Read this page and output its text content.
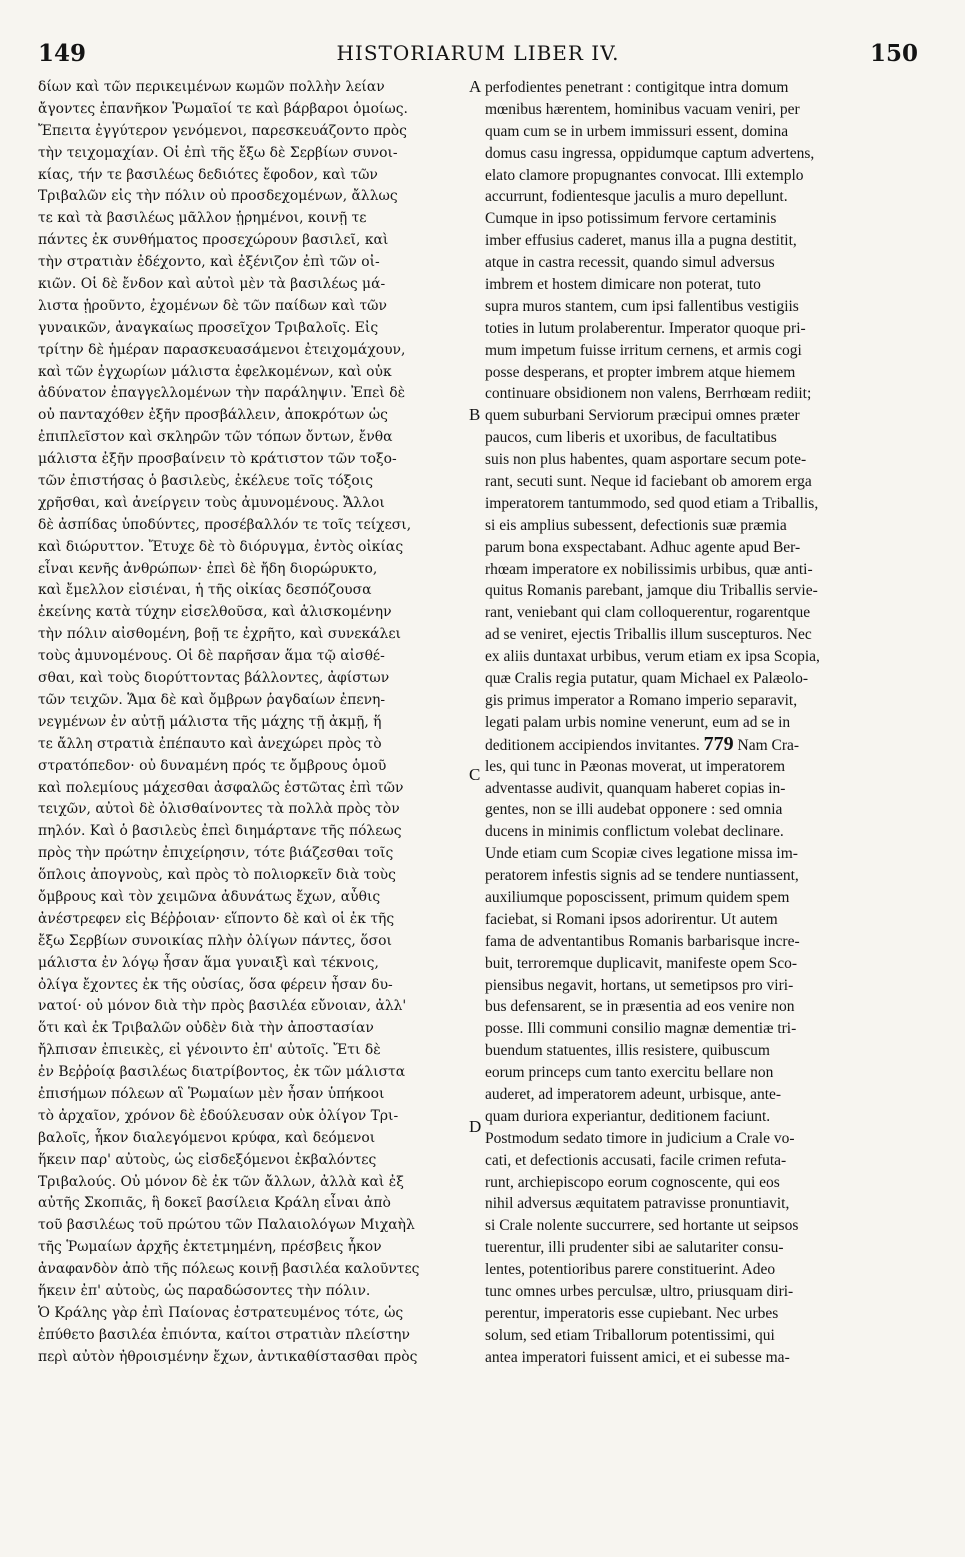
149	HISTORIARUM LIBER IV.	150
δίων καὶ τῶν περικειμένων κωμῶν πολλὴν λείαν
ἄγοντες ἐπανῆκον Ῥωμαῖοί τε καὶ βάρβαροι ὁμοίως.
Ἔπειτα ἐγγύτερον γενόμενοι, παρεσκευάζοντο πρὸς
τὴν τειχομαχίαν. Οἱ ἐπὶ τῆς ἔξω δὲ Σερβίων συνοι-
κίας, τήν τε βασιλέως δεδιότες ἔφοδον, καὶ τῶν
Τριβαλῶν εἰς τὴν πόλιν οὐ προσδεχομένων, ἄλλως
τε καὶ τὰ βασιλέως μᾶλλον ᾑρημένοι, κοινῇ τε
πάντες ἐκ συνθήματος προσεχώρουν βασιλεῖ, καὶ
τὴν στρατιὰν ἐδέχοντο, καὶ ἐξένιζον ἐπὶ τῶν οἰ-
κιῶν. Οἱ δὲ ἔνδον καὶ αὐτοὶ μὲν τὰ βασιλέως μά-
λιστα ᾑροῦντο, ἐχομένων δὲ τῶν παίδων καὶ τῶν
γυναικῶν, ἀναγκαίως προσεῖχον Τριβαλοῖς. Εἰς
τρίτην δὲ ἡμέραν παρασκευασάμενοι ἐτειχομάχουν,
καὶ τῶν ἐγχωρίων μάλιστα ἐφελκομένων, καὶ οὐκ
ἀδύνατον ἐπαγγελλομένων τὴν παράληψιν. Ἐπεὶ δὲ
οὐ πανταχόθεν ἐξῆν προσβάλλειν, ἀποκρότων ὡς
ἐπιπλεῖστον καὶ σκληρῶν τῶν τόπων ὄντων, ἔνθα
μάλιστα ἐξῆν προσβαίνειν τὸ κράτιστον τῶν τοξο-
τῶν ἐπιστήσας ὁ βασιλεὺς, ἐκέλευε τοῖς τόξοις
χρῆσθαι, καὶ ἀνείργειν τοὺς ἀμυνομένους. Ἄλλοι
δὲ ἀσπίδας ὑποδύντες, προσέβαλλόν τε τοῖς τείχεσι,
καὶ διώρυττον. Ἔτυχε δὲ τὸ διόρυγμα, ἐντὸς οἰκίας
εἶναι κενῆς ἀνθρώπων· ἐπεὶ δὲ ἤδη διορώρυκτο,
καὶ ἔμελλον εἰσιέναι, ἡ τῆς οἰκίας δεσπόζουσα
ἐκείνης κατὰ τύχην εἰσελθοῦσα, καὶ ἁλισκομένην
τὴν πόλιν αἰσθομένη, βοῇ τε ἐχρῆτο, καὶ συνεκάλει
τοὺς ἀμυνομένους. Οἱ δὲ παρῆσαν ἅμα τῷ αἰσθέ-
σθαι, καὶ τοὺς διορύττοντας βάλλοντες, ἀφίστων
τῶν τειχῶν. Ἅμα δὲ καὶ ὄμβρων ῥαγδαίων ἐπενη-
νεγμένων ἐν αὐτῇ μάλιστα τῆς μάχης τῇ ἀκμῇ, ἥ
τε ἄλλη στρατιὰ ἐπέπαυτο καὶ ἀνεχώρει πρὸς τὸ
στρατόπεδον· οὐ δυναμένη πρός τε ὄμβρους ὁμοῦ
καὶ πολεμίους μάχεσθαι ἀσφαλῶς ἑστῶτας ἐπὶ τῶν
τειχῶν, αὐτοὶ δὲ ὀλισθαίνοντες τὰ πολλὰ πρὸς τὸν
πηλόν. Καὶ ὁ βασιλεὺς ἐπεὶ διημάρτανε τῆς πόλεως
πρὸς τὴν πρώτην ἐπιχείρησιν, τότε βιάζεσθαι τοῖς
ὅπλοις ἀπογνοὺς, καὶ πρὸς τὸ πολιορκεῖν διὰ τοὺς
ὄμβρους καὶ τὸν χειμῶνα ἀδυνάτως ἔχων, αὖθις
ἀνέστρεφεν εἰς Βέῤῥοιαν· εἵποντο δὲ καὶ οἱ ἐκ τῆς
ἔξω Σερβίων συνοικίας πλὴν ὀλίγων πάντες, ὅσοι
μάλιστα ἐν λόγῳ ἦσαν ἅμα γυναιξὶ καὶ τέκνοις,
ὀλίγα ἔχοντες ἐκ τῆς οὐσίας, ὅσα φέρειν ἦσαν δυ-
νατοί· οὐ μόνον διὰ τὴν πρὸς βασιλέα εὔνοιαν, ἀλλ'
ὅτι καὶ ἐκ Τριβαλῶν οὐδὲν διὰ τὴν ἀποστασίαν
ἤλπισαν ἐπιεικὲς, εἰ γένοιντο ἐπ' αὐτοῖς. Ἔτι δὲ
ἐν Βεῤῥοίᾳ βασιλέως διατρίβοντος, ἐκ τῶν μάλιστα
ἐπισήμων πόλεων αἳ Ῥωμαίων μὲν ἦσαν ὑπήκοοι
τὸ ἀρχαῖον, χρόνον δὲ ἐδούλευσαν οὐκ ὀλίγον Τρι-
βαλοῖς, ἧκον διαλεγόμενοι κρύφα, καὶ δεόμενοι
ἥκειν παρ' αὐτοὺς, ὡς εἰσδεξόμενοι ἐκβαλόντες
Τριβαλούς. Οὐ μόνον δὲ ἐκ τῶν ἄλλων, ἀλλὰ καὶ ἐξ
αὐτῆς Σκοπιᾶς, ἣ δοκεῖ βασίλεια Κράλη εἶναι ἀπὸ
τοῦ βασιλέως τοῦ πρώτου τῶν Παλαιολόγων Μιχαὴλ
τῆς Ῥωμαίων ἀρχῆς ἐκτετμημένη, πρέσβεις ἧκον
ἀναφανδὸν ἀπὸ τῆς πόλεως κοινῇ βασιλέα καλοῦντες
ἥκειν ἐπ' αὐτοὺς, ὡς παραδώσοντες τὴν πόλιν.
Ὁ Κράλης γὰρ ἐπὶ Παίονας ἐστρατευμένος τότε, ὡς
ἐπύθετο βασιλέα ἐπιόντα, καίτοι στρατιὰν πλείστην
περὶ αὐτὸν ἠθροισμένην ἔχων, ἀντικαθίστασθαι πρὸς
perfodientes penetrant : contigitque intra domum
mœnibus hærentem, hominibus vacuam veniri, per
quam cum se in urbem immissuri essent, domina
domus casu ingressa, oppidumque captum advertens,
elato clamore propugnantes convocat. Illi extemplo
accurrunt, fodientesque jaculis a muro depellunt.
Cumque in ipso potissimum fervore certaminis
imber effusius caderet, manus illa a pugna destitit,
atque in castra recessit, quando simul adversus
imbrem et hostem dimicare non poterat, tuto
supra muros stantem, cum ipsi fallentibus vestigiis
toties in lutum prolaberentur. Imperator quoque pri-
mum impetum fuisse irritum cernens, et armis cogi
posse desperans, et propter imbrem atque hiemem
continuare obsidionem non valens, Berrhœam rediit;
quem suburbani Serviorum præcipui omnes præter
paucos, cum liberis et uxoribus, de facultatibus
suis non plus habentes, quam asportare secum pote-
rant, secuti sunt. Neque id faciebant ob amorem erga
imperatorem tantummodo, sed quod etiam a Triballis,
si eis amplius subessent, defectionis suæ præmia
parum bona exspectabant. Adhuc agente apud Ber-
rhœam imperatore ex nobilissimis urbibus, quæ anti-
quitus Romanis parebant, jamque diu Triballis servie-
rant, veniebant qui clam colloquerentur, rogarentque
ad se veniret, ejectis Triballis illum suscepturos. Nec
ex aliis duntaxat urbibus, verum etiam ex ipsa Scopia,
quæ Cralis regia putatur, quam Michael ex Palæolo-
gis primus imperator a Romano imperio separavit,
legati palam urbis nomine venerunt, eum ad se in
deditionem accipiendos invitantes. 779 Nam Cra-
les, qui tunc in Pæonas moverat, ut imperatorem
adventasse audivit, quanquam haberet copias in-
gentes, non se illi audebat opponere : sed omnia
ducens in minimis conflictum volebat declinare.
Unde etiam cum Scopiæ cives legatione missa im-
peratorem infestis signis ad se tendere nuntiassent,
auxiliumque poposcissent, primum quidem spem
faciebat, si Romani ipsos adorirentur. Ut autem
fama de adventantibus Romanis barbarisque incre-
buit, terroremque duplicavit, manifeste opem Sco-
piensibus negavit, hortans, ut semetipsos pro viri-
bus defensarent, se in præsentia ad eos venire non
posse. Illi communi consilio magnæ dementiæ tri-
buendum statuentes, illis resistere, quibuscum
eorum princeps cum tanto exercitu bellare non
auderet, ad imperatorem adeunt, urbisque, ante-
quam duriora experiantur, deditionem faciunt.
Postmodum sedato timore in judicium a Crale vo-
cati, et defectionis accusati, facile crimen refuta-
runt, archiepiscopo eorum cognoscente, qui eos
nihil adversus æquitatem patravisse pronuntiavit,
si Crale nolente succurrere, sed hortante ut seipsos
tuerentur, illi prudenter sibi ae salutariter consu-
lentes, potentioribus parere constituerint. Adeo
tunc omnes urbes perculsæ, ultro, priusquam dirі-
perentur, imperatoris esse cupiebant. Nec urbes
solum, sed etiam Triballorum potentissimi, qui
antea imperatori fuissent amici, et ei subesse ma-
A
B
C
D
